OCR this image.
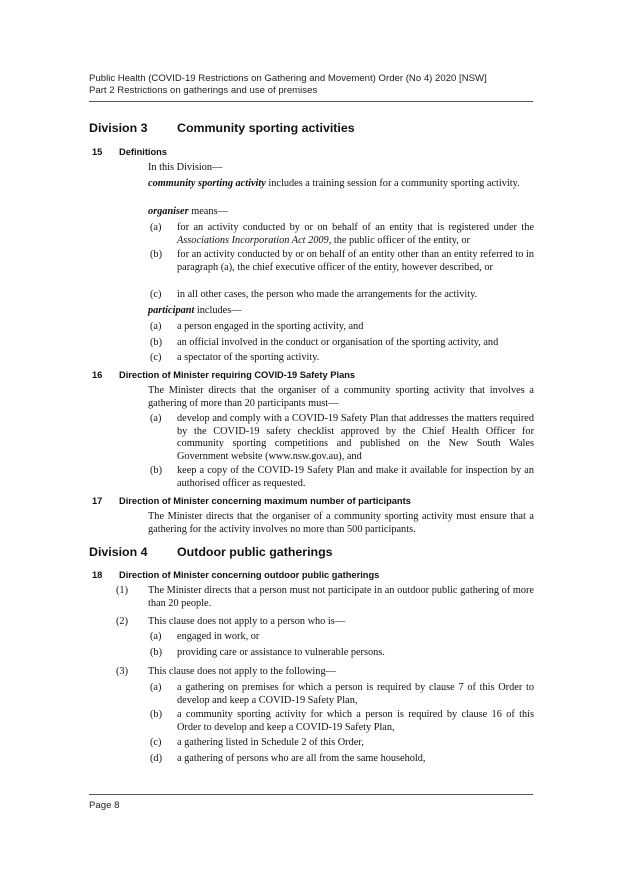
Public Health (COVID-19 Restrictions on Gathering and Movement) Order (No 4) 2020 [NSW]
Part 2 Restrictions on gatherings and use of premises
Division 3 Community sporting activities
15 Definitions
In this Division—
community sporting activity includes a training session for a community sporting activity.
organiser means—
(a) for an activity conducted by or on behalf of an entity that is registered under the Associations Incorporation Act 2009, the public officer of the entity, or
(b) for an activity conducted by or on behalf of an entity other than an entity referred to in paragraph (a), the chief executive officer of the entity, however described, or
(c) in all other cases, the person who made the arrangements for the activity.
participant includes—
(a) a person engaged in the sporting activity, and
(b) an official involved in the conduct or organisation of the sporting activity, and
(c) a spectator of the sporting activity.
16 Direction of Minister requiring COVID-19 Safety Plans
The Minister directs that the organiser of a community sporting activity that involves a gathering of more than 20 participants must—
(a) develop and comply with a COVID-19 Safety Plan that addresses the matters required by the COVID-19 safety checklist approved by the Chief Health Officer for community sporting competitions and published on the New South Wales Government website (www.nsw.gov.au), and
(b) keep a copy of the COVID-19 Safety Plan and make it available for inspection by an authorised officer as requested.
17 Direction of Minister concerning maximum number of participants
The Minister directs that the organiser of a community sporting activity must ensure that a gathering for the activity involves no more than 500 participants.
Division 4 Outdoor public gatherings
18 Direction of Minister concerning outdoor public gatherings
(1) The Minister directs that a person must not participate in an outdoor public gathering of more than 20 people.
(2) This clause does not apply to a person who is—
(a) engaged in work, or
(b) providing care or assistance to vulnerable persons.
(3) This clause does not apply to the following—
(a) a gathering on premises for which a person is required by clause 7 of this Order to develop and keep a COVID-19 Safety Plan,
(b) a community sporting activity for which a person is required by clause 16 of this Order to develop and keep a COVID-19 Safety Plan,
(c) a gathering listed in Schedule 2 of this Order,
(d) a gathering of persons who are all from the same household,
Page 8
